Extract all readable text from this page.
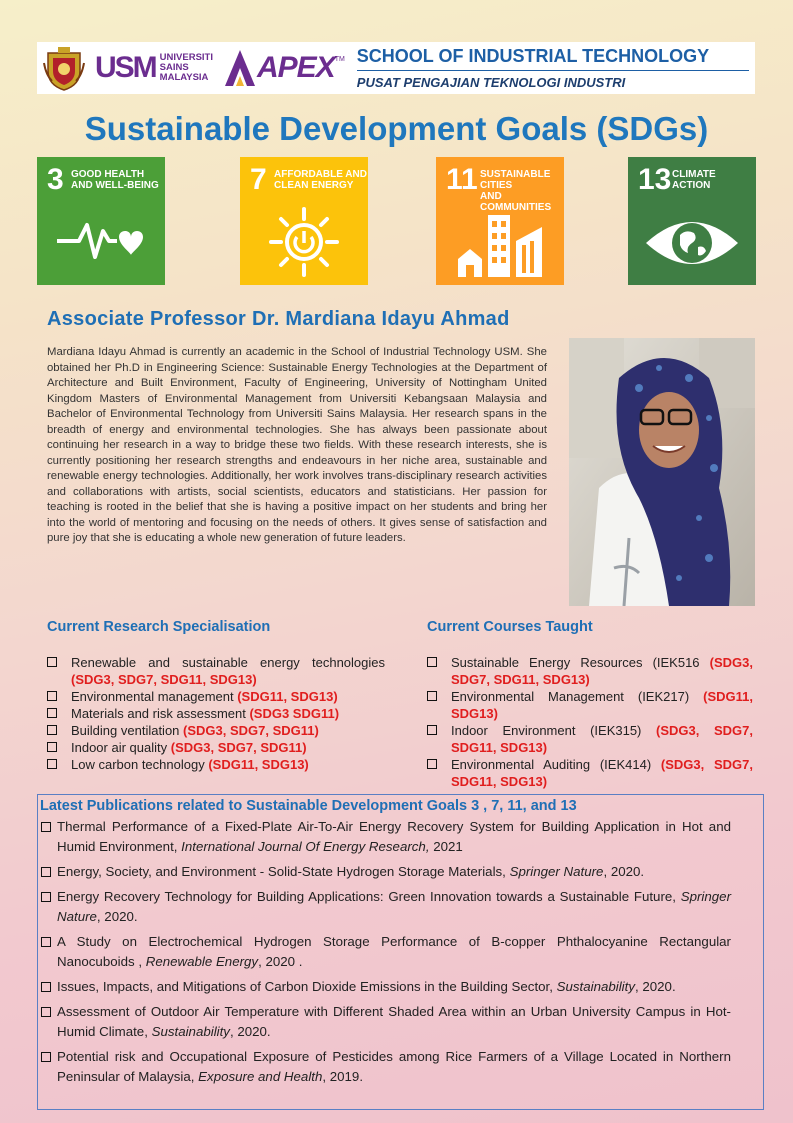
USM UNIVERSITI
SAINS
MALAYSIA APEX TM SCHOOL OF INDUSTRIAL TECHNOLOGY
PUSAT PENGAJIAN TEKNOLOGI INDUSTRI
Sustainable Development Goals (SDGs)
3 GOOD HEALTH
AND WELL-BEING	7 AFFORDABLE AND
CLEAN ENERGY	11 SUSTAINABLE CITIES
AND COMMUNITIES
13 CLIMATE
ACTION
Associate Professor Dr. Mardiana Idayu Ahmad
Mardiana Idayu Ahmad is currently an academic in the School of Industrial Technology USM. She obtained her Ph.D in Engineering Science: Sustainable Energy Technologies at the Department of Architecture and Built Environment, Faculty of Engineering, University of Nottingham United Kingdom Masters of Environmental Management from Universiti Kebangsaan Malaysia and Bachelor of Environmental Technology from Universiti Sains Malaysia. Her research spans in the breadth of energy and environmental technologies. She has always been passionate about continuing her research in a way to bridge these two fields. With these research interests, she is currently positioning her research strengths and endeavours in her niche area, sustainable and renewable energy technologies. Additionally, her work involves trans-disciplinary research activities and collaborations with artists, social scientists, educators and statisticians. Her passion for teaching is rooted in the belief that she is having a positive impact on her students and bring her into the world of mentoring and focusing on the needs of others. It gives sense of satisfaction and pure joy that she is educating a whole new generation of future leaders.
Current Research Specialisation
Renewable and sustainable energy technologies (SDG3, SDG7, SDG11, SDG13)
Environmental management (SDG11, SDG13)
Materials and risk assessment (SDG3 SDG11)
Building ventilation (SDG3, SDG7, SDG11)
Indoor air quality (SDG3, SDG7, SDG11)
Low carbon technology (SDG11, SDG13)
Current Courses Taught
Sustainable Energy Resources (IEK516 (SDG3, SDG7, SDG11, SDG13)
Environmental Management (IEK217) (SDG11, SDG13)
Indoor Environment (IEK315) (SDG3, SDG7, SDG11, SDG13)
Environmental Auditing (IEK414) (SDG3, SDG7, SDG11, SDG13)
Latest Publications related to Sustainable Development Goals 3 , 7, 11, and 13
Thermal Performance of a Fixed-Plate Air-To-Air Energy Recovery System for Building Application in Hot and Humid Environment, International Journal Of Energy Research, 2021
Energy, Society, and Environment - Solid-State Hydrogen Storage Materials, Springer Nature, 2020.
Energy Recovery Technology for Building Applications: Green Innovation towards a Sustainable Future, Springer Nature, 2020.
A Study on Electrochemical Hydrogen Storage Performance of B-copper Phthalocyanine Rectangular Nanocuboids , Renewable Energy, 2020 .
Issues, Impacts, and Mitigations of Carbon Dioxide Emissions in the Building Sector, Sustainability, 2020.
Assessment of Outdoor Air Temperature with Different Shaded Area within an Urban University Campus in Hot-Humid Climate, Sustainability, 2020.
Potential risk and Occupational Exposure of Pesticides among Rice Farmers of a Village Located in Northern Peninsular of Malaysia, Exposure and Health, 2019.
